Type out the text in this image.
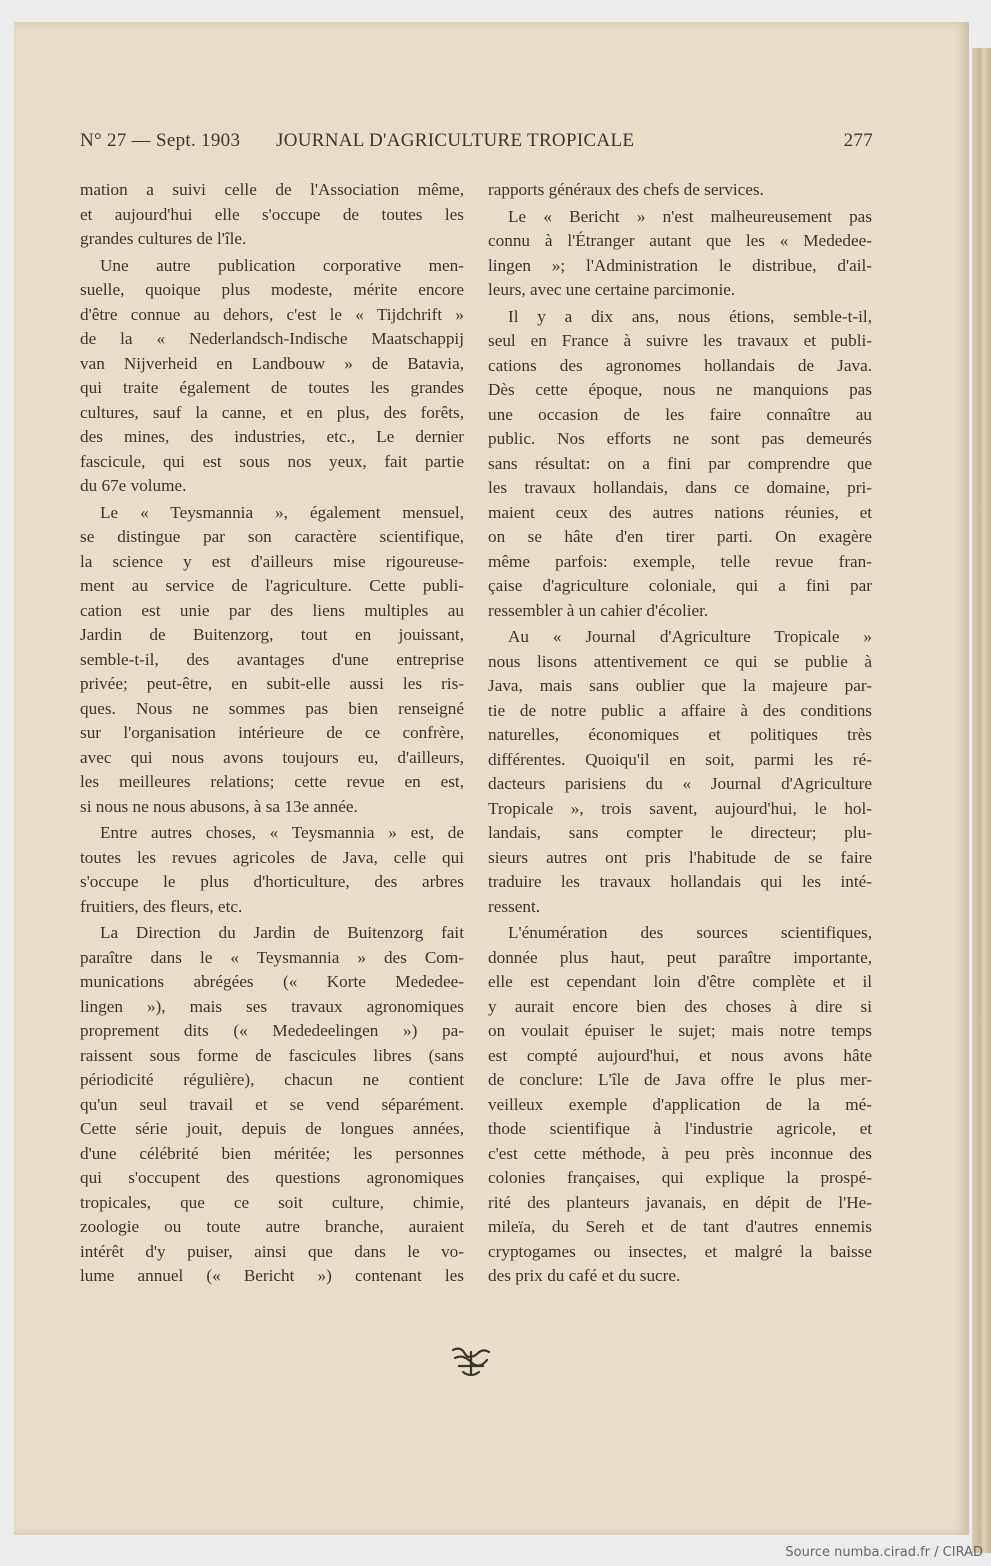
N° 27 — Sept. 1903 JOURNAL D'AGRICULTURE TROPICALE	277
mation a suivi celle de l'Association même,
et aujourd'hui elle s'occupe de toutes les
grandes cultures de l'île.
Une autre publication corporative men-
suelle, quoique plus modeste, mérite encore
d'être connue au dehors, c'est le « Tijdchrift »
de la « Nederlandsch-Indische Maatschappij
van Nijverheid en Landbouw » de Batavia,
qui traite également de toutes les grandes
cultures, sauf la canne, et en plus, des forêts,
des mines, des industries, etc., Le dernier
fascicule, qui est sous nos yeux, fait partie
du 67e volume.
Le « Teysmannia », également mensuel,
se distingue par son caractère scientifique,
la science y est d'ailleurs mise rigoureuse-
ment au service de l'agriculture. Cette publi-
cation est unie par des liens multiples au
Jardin de Buitenzorg, tout en jouissant,
semble-t-il, des avantages d'une entreprise
privée; peut-être, en subit-elle aussi les ris-
ques. Nous ne sommes pas bien renseigné
sur l'organisation intérieure de ce confrère,
avec qui nous avons toujours eu, d'ailleurs,
les meilleures relations; cette revue en est,
si nous ne nous abusons, à sa 13e année.
Entre autres choses, « Teysmannia » est, de
toutes les revues agricoles de Java, celle qui
s'occupe le plus d'horticulture, des arbres
fruitiers, des fleurs, etc.
La Direction du Jardin de Buitenzorg fait
paraître dans le « Teysmannia » des Com-
munications abrégées (« Korte Mededee-
lingen »), mais ses travaux agronomiques
proprement dits (« Mededeelingen ») pa-
raissent sous forme de fascicules libres (sans
périodicité régulière), chacun ne contient
qu'un seul travail et se vend séparément.
Cette série jouit, depuis de longues années,
d'une célébrité bien méritée; les personnes
qui s'occupent des questions agronomiques
tropicales, que ce soit culture, chimie,
zoologie ou toute autre branche, auraient
intérêt d'y puiser, ainsi que dans le vo-
lume annuel (« Bericht ») contenant les
rapports généraux des chefs de services.
Le « Bericht » n'est malheureusement pas
connu à l'Étranger autant que les « Mededee-
lingen »; l'Administration le distribue, d'ail-
leurs, avec une certaine parcimonie.
Il y a dix ans, nous étions, semble-t-il,
seul en France à suivre les travaux et publi-
cations des agronomes hollandais de Java.
Dès cette époque, nous ne manquions pas
une occasion de les faire connaître au
public. Nos efforts ne sont pas demeurés
sans résultat: on a fini par comprendre que
les travaux hollandais, dans ce domaine, pri-
maient ceux des autres nations réunies, et
on se hâte d'en tirer parti. On exagère
même parfois: exemple, telle revue fran-
çaise d'agriculture coloniale, qui a fini par
ressembler à un cahier d'écolier.
Au « Journal d'Agriculture Tropicale »
nous lisons attentivement ce qui se publie à
Java, mais sans oublier que la majeure par-
tie de notre public a affaire à des conditions
naturelles, économiques et politiques très
différentes. Quoiqu'il en soit, parmi les ré-
dacteurs parisiens du « Journal d'Agriculture
Tropicale », trois savent, aujourd'hui, le hol-
landais, sans compter le directeur; plu-
sieurs autres ont pris l'habitude de se faire
traduire les travaux hollandais qui les inté-
ressent.
L'énumération des sources scientifiques,
donnée plus haut, peut paraître importante,
elle est cependant loin d'être complète et il
y aurait encore bien des choses à dire si
on voulait épuiser le sujet; mais notre temps
est compté aujourd'hui, et nous avons hâte
de conclure: L'île de Java offre le plus mer-
veilleux exemple d'application de la mé-
thode scientifique à l'industrie agricole, et
c'est cette méthode, à peu près inconnue des
colonies françaises, qui explique la prospé-
rité des planteurs javanais, en dépit de l'He-
mileïa, du Sereh et de tant d'autres ennemis
cryptogames ou insectes, et malgré la baisse
des prix du café et du sucre.
Source numba.cirad.fr / CIRAD
